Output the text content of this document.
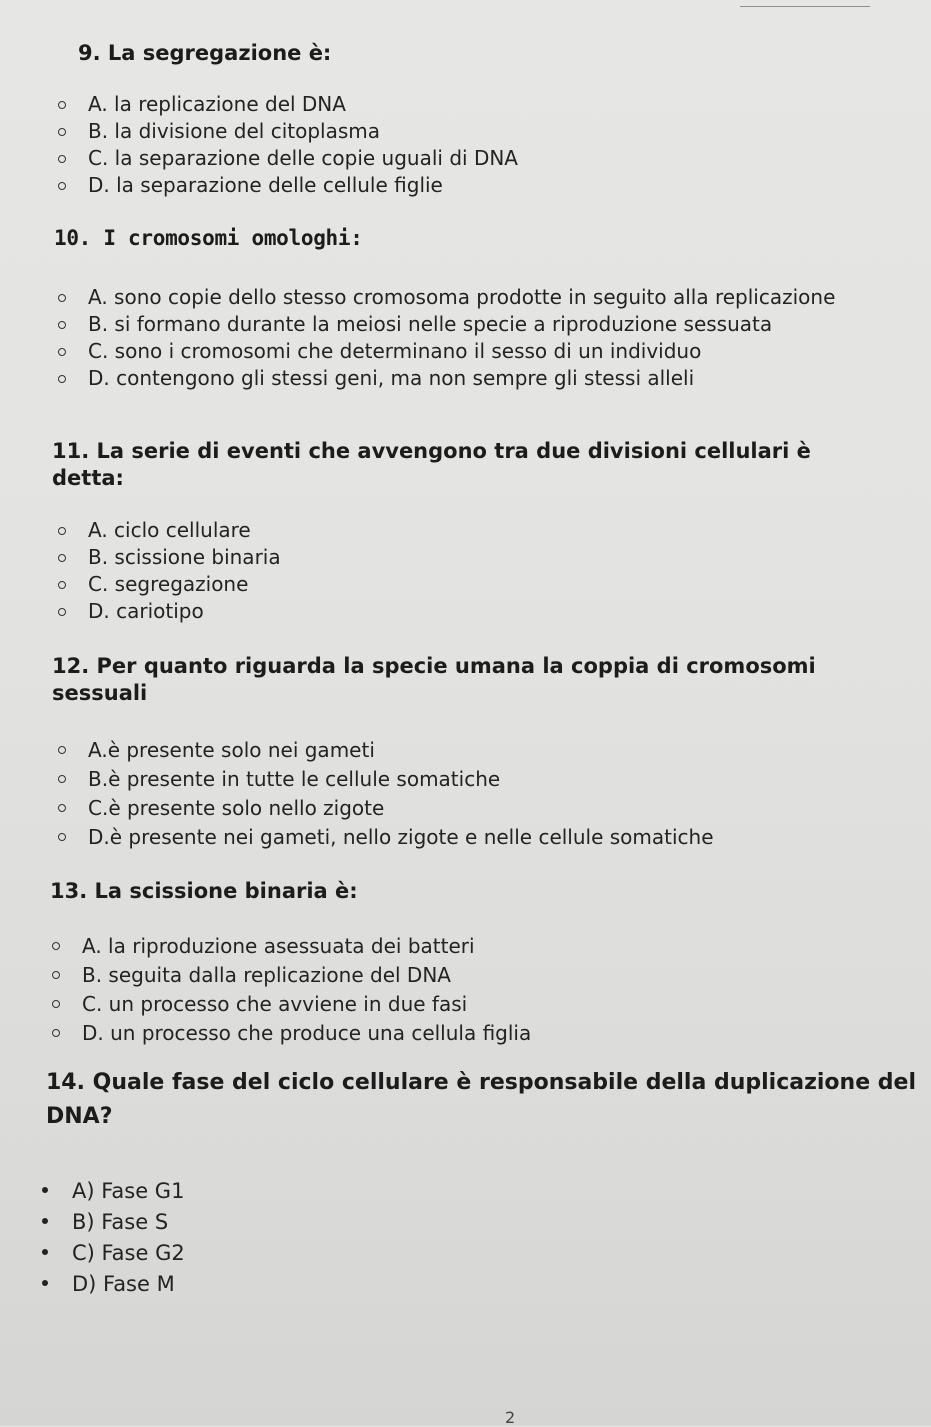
9. La segregazione è:
A. la replicazione del DNA
B. la divisione del citoplasma
C. la separazione delle copie uguali di DNA
D. la separazione delle cellule figlie
10. I cromosomi omologhi:
A. sono copie dello stesso cromosoma prodotte in seguito alla replicazione
B. si formano durante la meiosi nelle specie a riproduzione sessuata
C. sono i cromosomi che determinano il sesso di un individuo
D. contengono gli stessi geni, ma non sempre gli stessi alleli
11. La serie di eventi che avvengono tra due divisioni cellulari è detta:
A. ciclo cellulare
B. scissione binaria
C. segregazione
D. cariotipo
12. Per quanto riguarda la specie umana la coppia di cromosomi sessuali
A.è presente solo nei gameti
B.è presente in tutte le cellule somatiche
C.è presente solo nello zigote
D.è presente nei gameti, nello zigote e nelle cellule somatiche
13. La scissione binaria è:
A. la riproduzione asessuata dei batteri
B. seguita dalla replicazione del DNA
C. un processo che avviene in due fasi
D. un processo che produce una cellula figlia
14. Quale fase del ciclo cellulare è responsabile della duplicazione del DNA?
A) Fase G1
B) Fase S
C) Fase G2
D) Fase M
2
